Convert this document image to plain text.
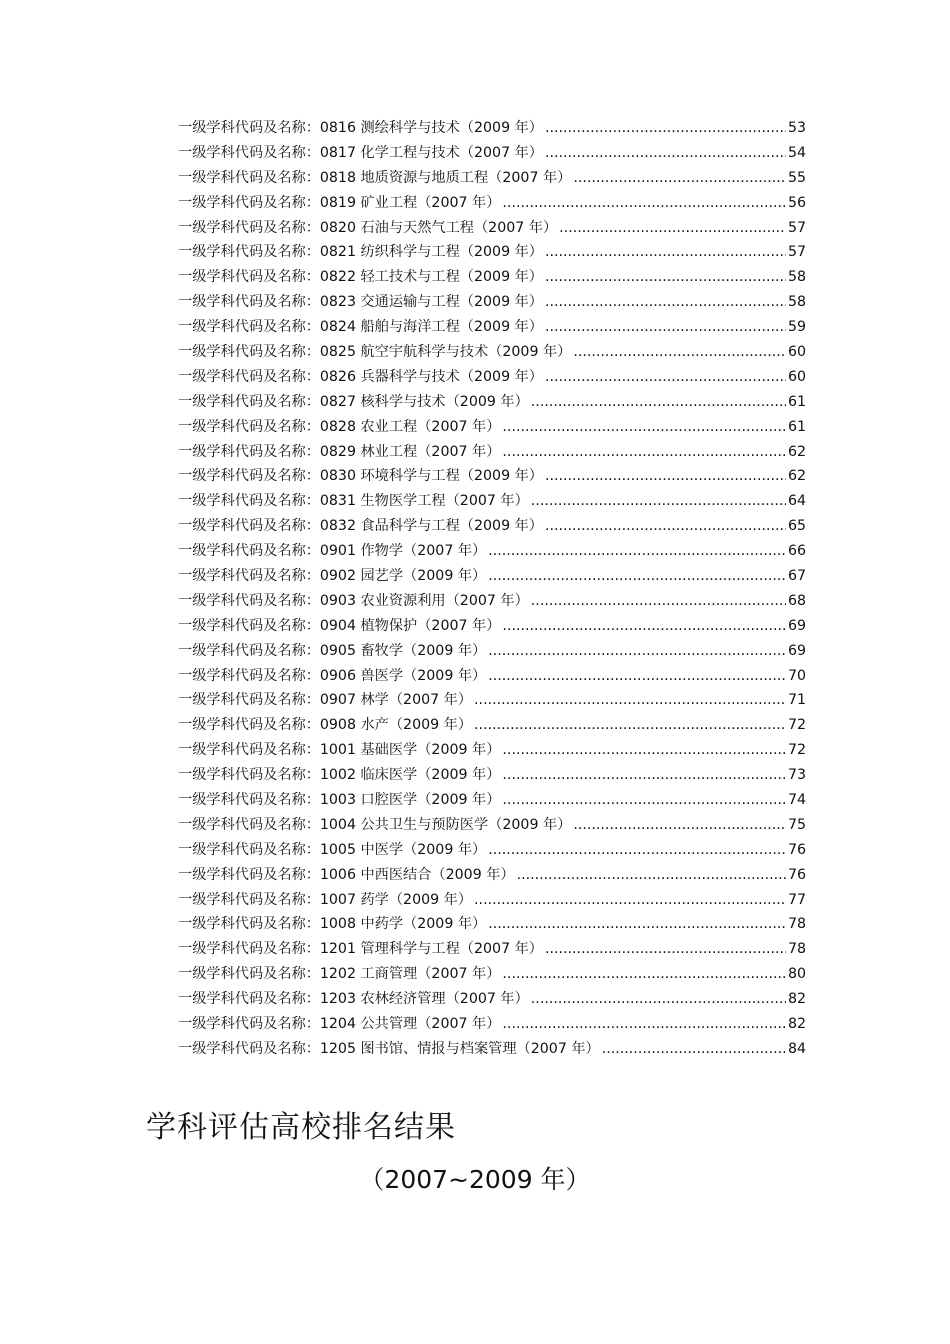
一级学科代码及名称：0816 测绘科学与技术（2009 年） .....	53
一级学科代码及名称：0817 化学工程与技术（2007 年） .....	54
一级学科代码及名称：0818 地质资源与地质工程（2007 年） .....	55
一级学科代码及名称：0819 矿业工程（2007 年） .....	56
一级学科代码及名称：0820 石油与天然气工程（2007 年） .....	57
一级学科代码及名称：0821 纺织科学与工程（2009 年） .....	57
一级学科代码及名称：0822 轻工技术与工程（2009 年） .....	58
一级学科代码及名称：0823 交通运输与工程（2009 年） .....	58
一级学科代码及名称：0824 船舶与海洋工程（2009 年） .....	59
一级学科代码及名称：0825 航空宇航科学与技术（2009 年） .....	60
一级学科代码及名称：0826 兵器科学与技术（2009 年） .....	60
一级学科代码及名称：0827 核科学与技术（2009 年） .....	61
一级学科代码及名称：0828 农业工程（2007 年） .....	61
一级学科代码及名称：0829 林业工程（2007 年） .....	62
一级学科代码及名称：0830 环境科学与工程（2009 年） .....	62
一级学科代码及名称：0831 生物医学工程（2007 年） .....	64
一级学科代码及名称：0832 食品科学与工程（2009 年） .....	65
一级学科代码及名称：0901 作物学（2007 年） .....	66
一级学科代码及名称：0902 园艺学（2009 年） .....	67
一级学科代码及名称：0903 农业资源利用（2007 年） .....	68
一级学科代码及名称：0904 植物保护（2007 年） .....	69
一级学科代码及名称：0905 畜牧学（2009 年） .....	69
一级学科代码及名称：0906 兽医学（2009 年） .....	70
一级学科代码及名称：0907 林学（2007 年） .....	71
一级学科代码及名称：0908 水产（2009 年） .....	72
一级学科代码及名称：1001 基础医学（2009 年） .....	72
一级学科代码及名称：1002 临床医学（2009 年） .....	73
一级学科代码及名称：1003 口腔医学（2009 年） .....	74
一级学科代码及名称：1004 公共卫生与预防医学（2009 年） .....	75
一级学科代码及名称：1005 中医学（2009 年） .....	76
一级学科代码及名称：1006 中西医结合（2009 年） .....	76
一级学科代码及名称：1007 药学（2009 年） .....	77
一级学科代码及名称：1008 中药学（2009 年） .....	78
一级学科代码及名称：1201 管理科学与工程（2007 年） .....	78
一级学科代码及名称：1202 工商管理（2007 年） .....	80
一级学科代码及名称：1203 农林经济管理（2007 年） .....	82
一级学科代码及名称：1204 公共管理（2007 年） .....	82
一级学科代码及名称：1205 图书馆、情报与档案管理（2007 年） .....	84
学科评估高校排名结果
（2007~2009 年）
